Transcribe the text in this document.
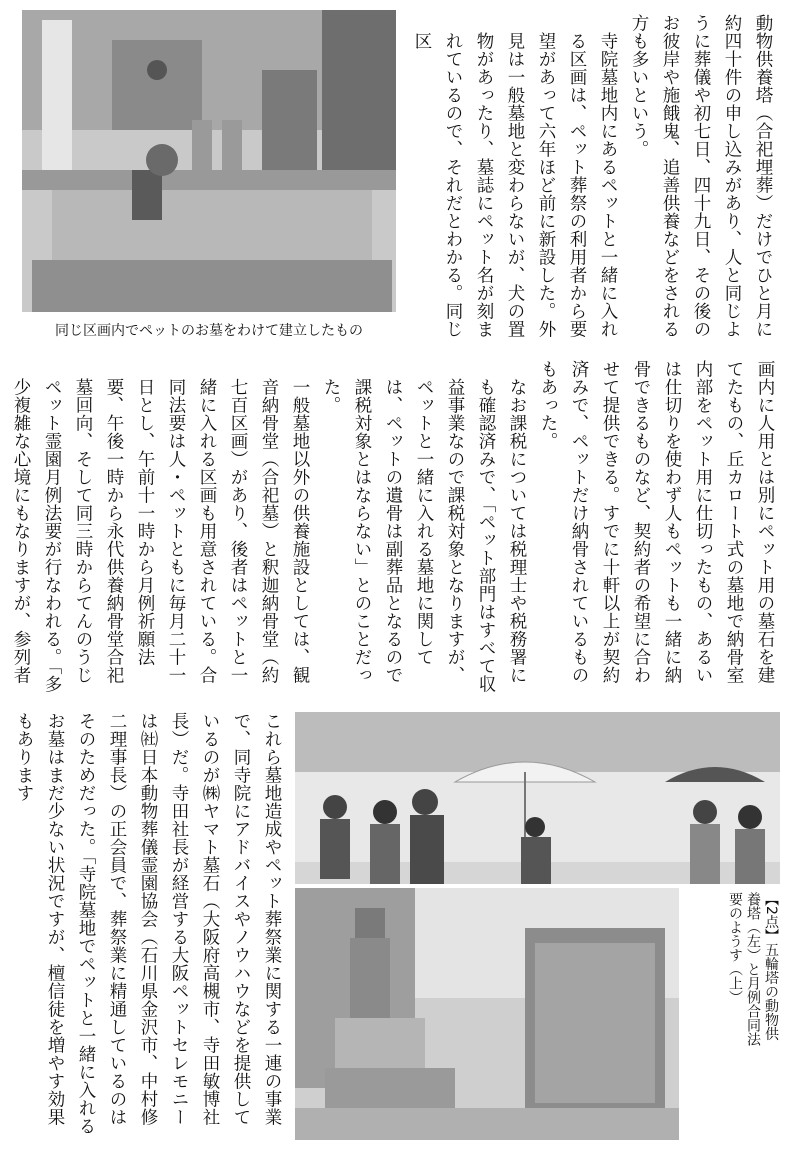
同じ区画内でペットのお墓をわけて建立したもの	動物供養塔（合祀埋葬）だけでひと月に約四十件の申し込みがあり、人と同じように葬儀や初七日、四十九日、その後のお彼岸や施餓鬼、追善供養などをされる方も多いという。

寺院墓地内にあるペットと一緒に入れる区画は、ペット葬祭の利用者から要望があって六年ほど前に新設した。外見は一般墓地と変わらないが、犬の置物があったり、墓誌にペット名が刻まれているので、それだとわかる。同じ区

画内に人用とは別にペット用の墓石を建てたもの、丘カロート式の墓地で納骨室内部をペット用に仕切ったもの、あるいは仕切りを使わず人もペットも一緒に納骨できるものなど、契約者の希望に合わせて提供できる。すでに十軒以上が契約済みで、ペットだけ納骨されているものもあった。

なお課税については税理士や税務署にも確認済みで、「ペット部門はすべて収益事業なので課税対象となりますが、ペットと一緒に入れる墓地に関しては、ペットの遺骨は副葬品となるので課税対象とはならない」とのことだった。

一般墓地以外の供養施設としては、観音納骨堂（合祀墓）と釈迦納骨堂（約七百区画）があり、後者はペットと一緒に入れる区画も用意されている。合同法要は人・ペットともに毎月二十一日とし、午前十一時から月例祈願法要、午後一時から永代供養納骨堂合祀墓回向、そして同三時からてんのうじペット霊園月例法要が行なわれる。「多少複雑な心境にもなりますが、参列者

【2点】五輪塔の動物供養塔（左）と月例合同法要のようす（上）

これら墓地造成やペット葬祭業に関する一連の事業で、同寺院にアドバイスやノウハウなどを提供しているのが㈱ヤマト墓石（大阪府高槻市、寺田敏博社長）だ。寺田社長が経営する大阪ペットセレモニーは㈳日本動物葬儀霊園協会（石川県金沢市、中村修二理事長）の正会員で、葬祭業に精通しているのはそのためだった。「寺院墓地でペットと一緒に入れるお墓はまだ少ない状況ですが、檀信徒を増やす効果もあります
